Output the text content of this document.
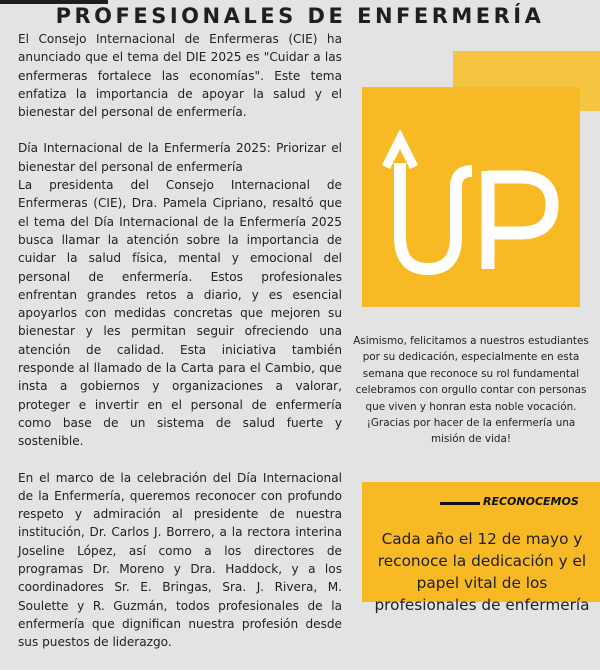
PROFESIONALES DE ENFERMERÍA

El Consejo Internacional de Enfermeras (CIE) ha anunciado que el tema del DIE 2025 es "Cuidar a las enfermeras fortalece las economías". Este tema enfatiza la importancia de apoyar la salud y el bienestar del personal de enfermería.

Día Internacional de la Enfermería 2025: Priorizar el bienestar del personal de enfermería

La presidenta del Consejo Internacional de Enfermeras (CIE), Dra. Pamela Cipriano, resaltó que el tema del Día Internacional de la Enfermería 2025 busca llamar la atención sobre la importancia de cuidar la salud física, mental y emocional del personal de enfermería. Estos profesionales enfrentan grandes retos a diario, y es esencial apoyarlos con medidas concretas que mejoren su bienestar y les permitan seguir ofreciendo una atención de calidad. Esta iniciativa también responde al llamado de la Carta para el Cambio, que insta a gobiernos y organizaciones a valorar, proteger e invertir en el personal de enfermería como base de un sistema de salud fuerte y sostenible.

En el marco de la celebración del Día Internacional de la Enfermería, queremos reconocer con profundo respeto y admiración al presidente de nuestra institución, Dr. Carlos J. Borrero, a la rectora interina Joseline López, así como a los directores de programas Dr. Moreno y Dra. Haddock, y a los coordinadores Sr. E. Bringas, Sra. J. Rivera, M. Soulette y R. Guzmán, todos profesionales de la enfermería que dignifican nuestra profesión desde sus puestos de liderazgo.

Asimismo, felicitamos a nuestros estudiantes por su dedicación, especialmente en esta semana que reconoce su rol fundamental celebramos con orgullo contar con personas que viven y honran esta noble vocación. ¡Gracias por hacer de la enfermería una misión de vida!
RECONOCEMOS
Cada año el 12 de mayo y reconoce la dedicación y el papel vital de los profesionales de enfermería
